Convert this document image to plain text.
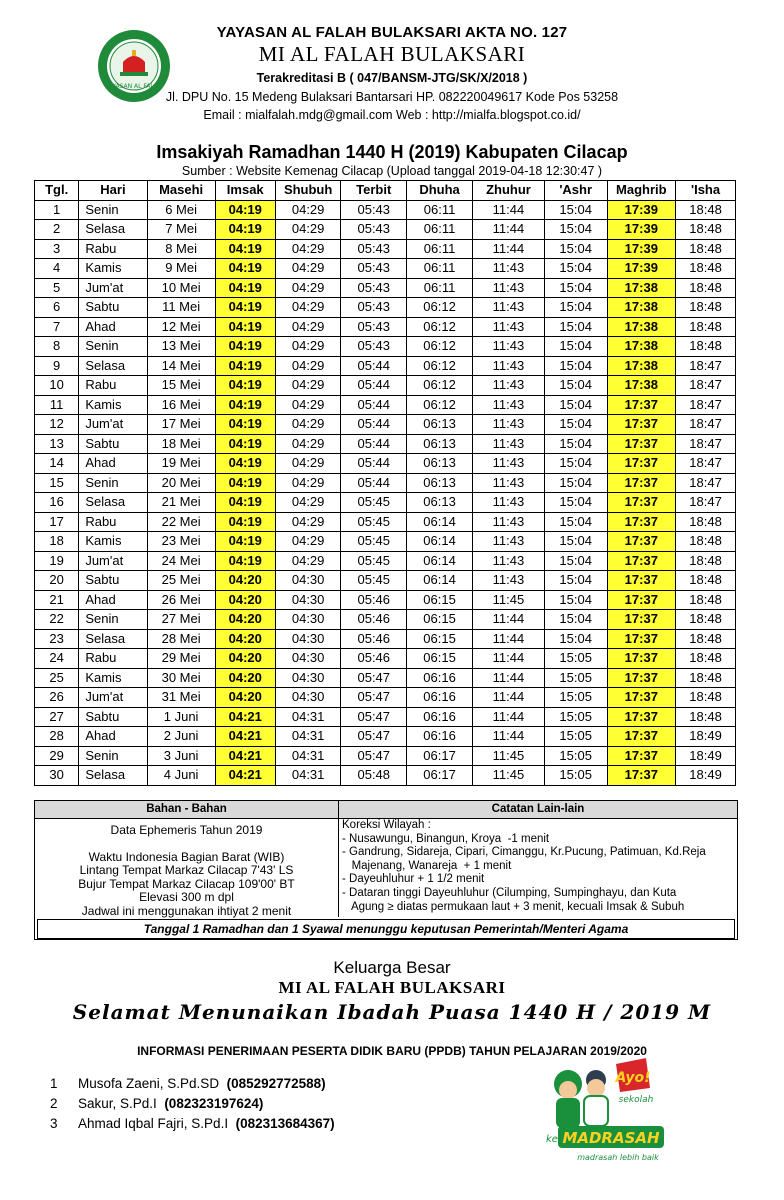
YAYASAN AL FALAH
YAYASAN AL FALAH BULAKSARI AKTA NO. 127
MI AL FALAH BULAKSARI
Terakreditasi B ( 047/BANSM-JTG/SK/X/2018 )
Jl. DPU No. 15 Medeng Bulaksari Bantarsari HP. 082220049617 Kode Pos 53258
Email : mialfalah.mdg@gmail.com Web : http://mialfa.blogspot.co.id/
Imsakiyah Ramadhan 1440 H (2019) Kabupaten Cilacap
Sumber : Website Kemenag Cilacap (Upload tanggal 2019-04-18 12:30:47 )
Tgl.	Hari	Masehi	Imsak	Shubuh	Terbit	Dhuha	Zhuhur	'Ashr	Maghrib	'Isha
1	Senin	6 Mei	04:19	04:29	05:43	06:11	11:44	15:04	17:39	18:48
2	Selasa	7 Mei	04:19	04:29	05:43	06:11	11:44	15:04	17:39	18:48
3	Rabu	8 Mei	04:19	04:29	05:43	06:11	11:44	15:04	17:39	18:48
4	Kamis	9 Mei	04:19	04:29	05:43	06:11	11:43	15:04	17:39	18:48
5	Jum'at	10 Mei	04:19	04:29	05:43	06:11	11:43	15:04	17:38	18:48
6	Sabtu	11 Mei	04:19	04:29	05:43	06:12	11:43	15:04	17:38	18:48
7	Ahad	12 Mei	04:19	04:29	05:43	06:12	11:43	15:04	17:38	18:48
8	Senin	13 Mei	04:19	04:29	05:43	06:12	11:43	15:04	17:38	18:48
9	Selasa	14 Mei	04:19	04:29	05:44	06:12	11:43	15:04	17:38	18:47
10	Rabu	15 Mei	04:19	04:29	05:44	06:12	11:43	15:04	17:38	18:47
11	Kamis	16 Mei	04:19	04:29	05:44	06:12	11:43	15:04	17:37	18:47
12	Jum'at	17 Mei	04:19	04:29	05:44	06:13	11:43	15:04	17:37	18:47
13	Sabtu	18 Mei	04:19	04:29	05:44	06:13	11:43	15:04	17:37	18:47
14	Ahad	19 Mei	04:19	04:29	05:44	06:13	11:43	15:04	17:37	18:47
15	Senin	20 Mei	04:19	04:29	05:44	06:13	11:43	15:04	17:37	18:47
16	Selasa	21 Mei	04:19	04:29	05:45	06:13	11:43	15:04	17:37	18:47
17	Rabu	22 Mei	04:19	04:29	05:45	06:14	11:43	15:04	17:37	18:48
18	Kamis	23 Mei	04:19	04:29	05:45	06:14	11:43	15:04	17:37	18:48
19	Jum'at	24 Mei	04:19	04:29	05:45	06:14	11:43	15:04	17:37	18:48
20	Sabtu	25 Mei	04:20	04:30	05:45	06:14	11:43	15:04	17:37	18:48
21	Ahad	26 Mei	04:20	04:30	05:46	06:15	11:45	15:04	17:37	18:48
22	Senin	27 Mei	04:20	04:30	05:46	06:15	11:44	15:04	17:37	18:48
23	Selasa	28 Mei	04:20	04:30	05:46	06:15	11:44	15:04	17:37	18:48
24	Rabu	29 Mei	04:20	04:30	05:46	06:15	11:44	15:05	17:37	18:48
25	Kamis	30 Mei	04:20	04:30	05:47	06:16	11:44	15:05	17:37	18:48
26	Jum'at	31 Mei	04:20	04:30	05:47	06:16	11:44	15:05	17:37	18:48
27	Sabtu	1 Juni	04:21	04:31	05:47	06:16	11:44	15:05	17:37	18:48
28	Ahad	2 Juni	04:21	04:31	05:47	06:16	11:44	15:05	17:37	18:49
29	Senin	3 Juni	04:21	04:31	05:47	06:17	11:45	15:05	17:37	18:49
30	Selasa	4 Juni	04:21	04:31	05:48	06:17	11:45	15:05	17:37	18:49
Bahan - Bahan
Data Ephemeris Tahun 2019
Waktu Indonesia Bagian Barat (WIB)
Lintang Tempat Markaz Cilacap 7'43' LS
Bujur Tempat Markaz Cilacap 109'00' BT
Elevasi 300 m dpl
Jadwal ini menggunakan ihtiyat 2 menit
Catatan Lain-lain
Koreksi Wilayah :
- Nusawungu, Binangun, Kroya  -1 menit
- Gandrung, Sidareja, Cipari, Cimanggu, Kr.Pucung, Patimuan, Kd.Reja
Majenang, Wanareja  + 1 menit
- Dayeuhluhur + 1 1/2 menit
- Dataran tinggi Dayeuhluhur (Cilumping, Sumpinghayu, dan Kuta
Agung ≥ diatas permukaan laut + 3 menit, kecuali Imsak & Subuh
Tanggal 1 Ramadhan dan 1 Syawal menunggu keputusan Pemerintah/Menteri Agama
Keluarga Besar
MI AL FALAH BULAKSARI
Selamat Menunaikan Ibadah Puasa 1440 H / 2019 M
INFORMASI PENERIMAAN PESERTA DIDIK BARU (PPDB) TAHUN PELAJARAN 2019/2020
1 Musofa Zaeni, S.Pd.SD (085292772588)
2 Sakur, S.Pd.I (082323197624)
3 Ahmad Iqbal Fajri, S.Pd.I (082313684367)
Ayo!
sekolah
ke MADRASAH
madrasah lebih baik
